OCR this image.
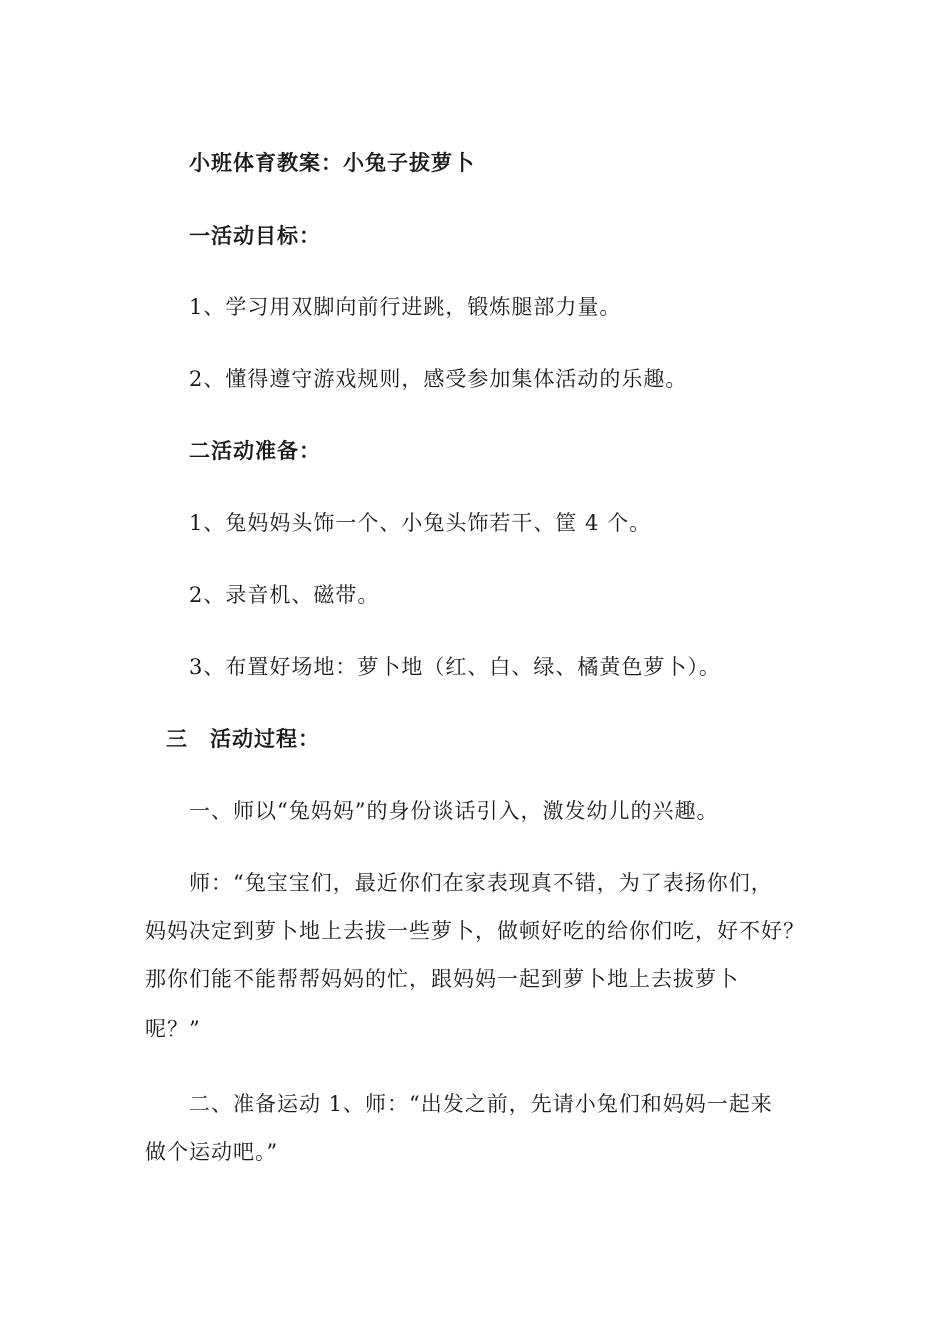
小班体育教案：小兔子拔萝卜
一活动目标：
1、学习用双脚向前行进跳，锻炼腿部力量。
2、懂得遵守游戏规则，感受参加集体活动的乐趣。
二活动准备：
1、兔妈妈头饰一个、小兔头饰若干、筐 4 个。
2、录音机、磁带。
3、布置好场地：萝卜地（红、白、绿、橘黄色萝卜）。
三　活动过程：
一、师以“兔妈妈”的身份谈话引入，激发幼儿的兴趣。
师：“兔宝宝们，最近你们在家表现真不错，为了表扬你们，
妈妈决定到萝卜地上去拔一些萝卜，做顿好吃的给你们吃，好不好？
那你们能不能帮帮妈妈的忙，跟妈妈一起到萝卜地上去拔萝卜
呢？”
二、准备运动 1、师：“出发之前，先请小兔们和妈妈一起来
做个运动吧。”
